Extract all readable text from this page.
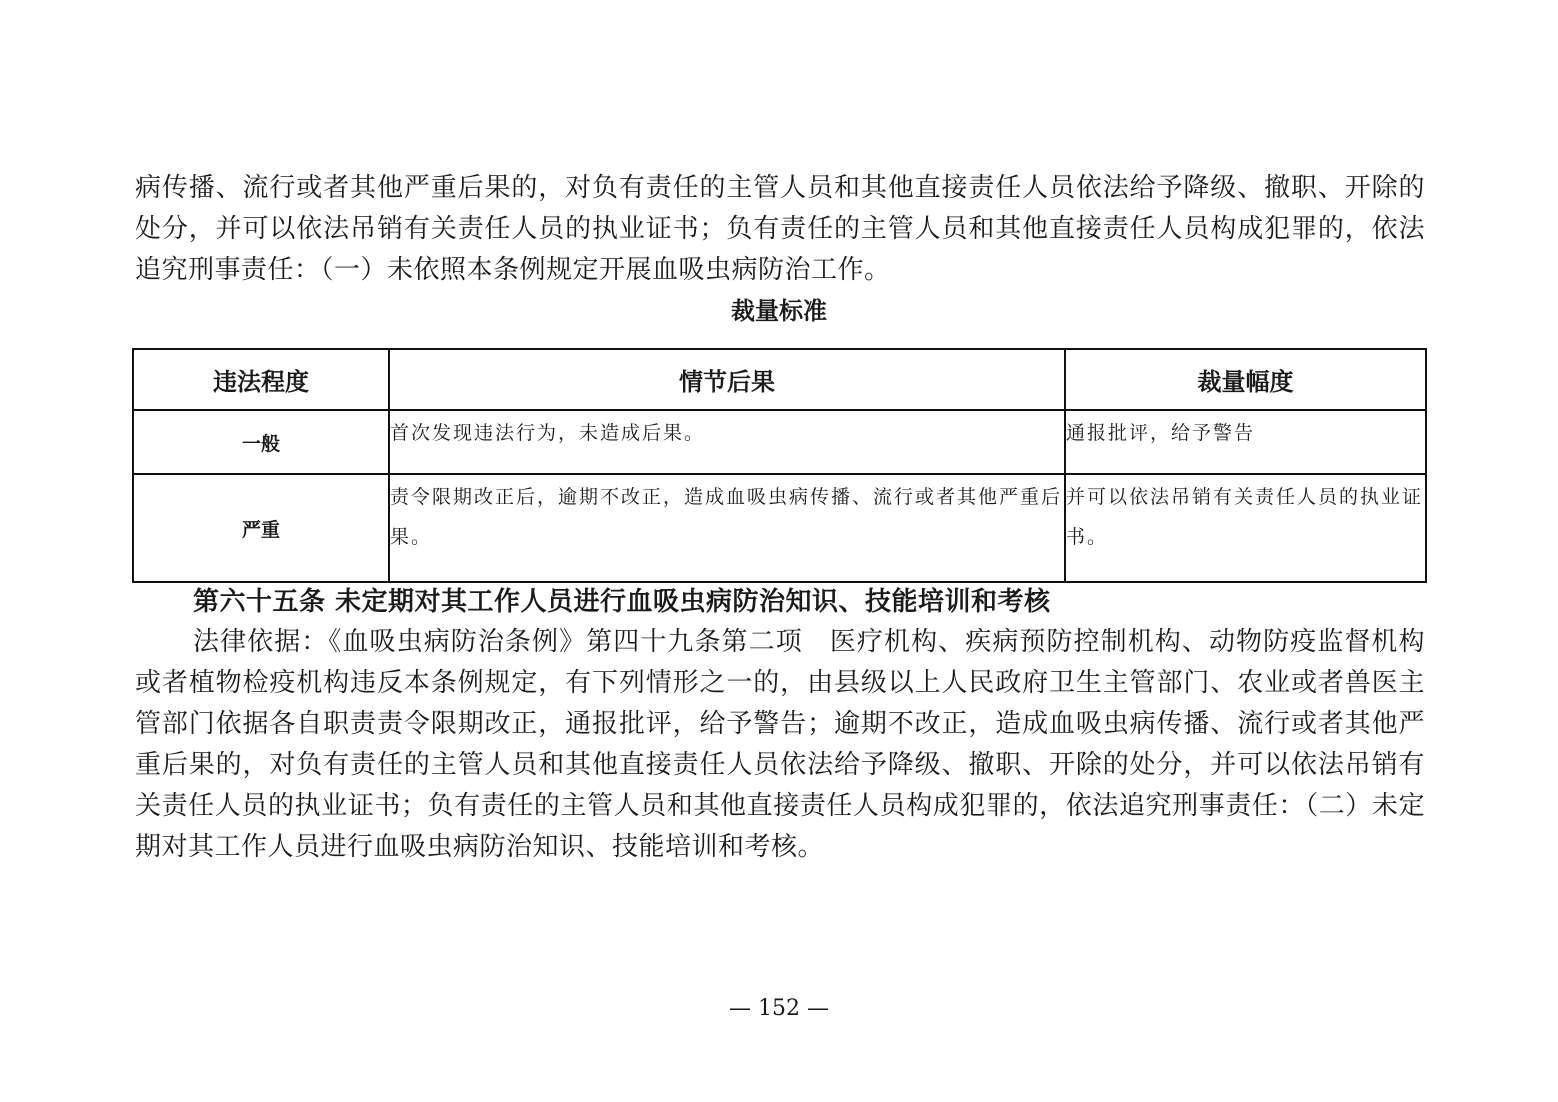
病传播、流行或者其他严重后果的，对负有责任的主管人员和其他直接责任人员依法给予降级、撤职、开除的处分，并可以依法吊销有关责任人员的执业证书；负有责任的主管人员和其他直接责任人员构成犯罪的，依法追究刑事责任：（一）未依照本条例规定开展血吸虫病防治工作。

裁量标准
违法程度	情节后果	裁量幅度
一般	首次发现违法行为，未造成后果。	通报批评，给予警告
严重	责令限期改正后，逾期不改正，造成血吸虫病传播、流行或者其他严重后果。	并可以依法吊销有关责任人员的执业证书。

第六十五条 未定期对其工作人员进行血吸虫病防治知识、技能培训和考核

法律依据：《血吸虫病防治条例》第四十九条第二项　医疗机构、疾病预防控制机构、动物防疫监督机构或者植物检疫机构违反本条例规定，有下列情形之一的，由县级以上人民政府卫生主管部门、农业或者兽医主管部门依据各自职责责令限期改正，通报批评，给予警告；逾期不改正，造成血吸虫病传播、流行或者其他严重后果的，对负有责任的主管人员和其他直接责任人员依法给予降级、撤职、开除的处分，并可以依法吊销有关责任人员的执业证书；负有责任的主管人员和其他直接责任人员构成犯罪的，依法追究刑事责任：（二）未定期对其工作人员进行血吸虫病防治知识、技能培训和考核。

— 152 —
